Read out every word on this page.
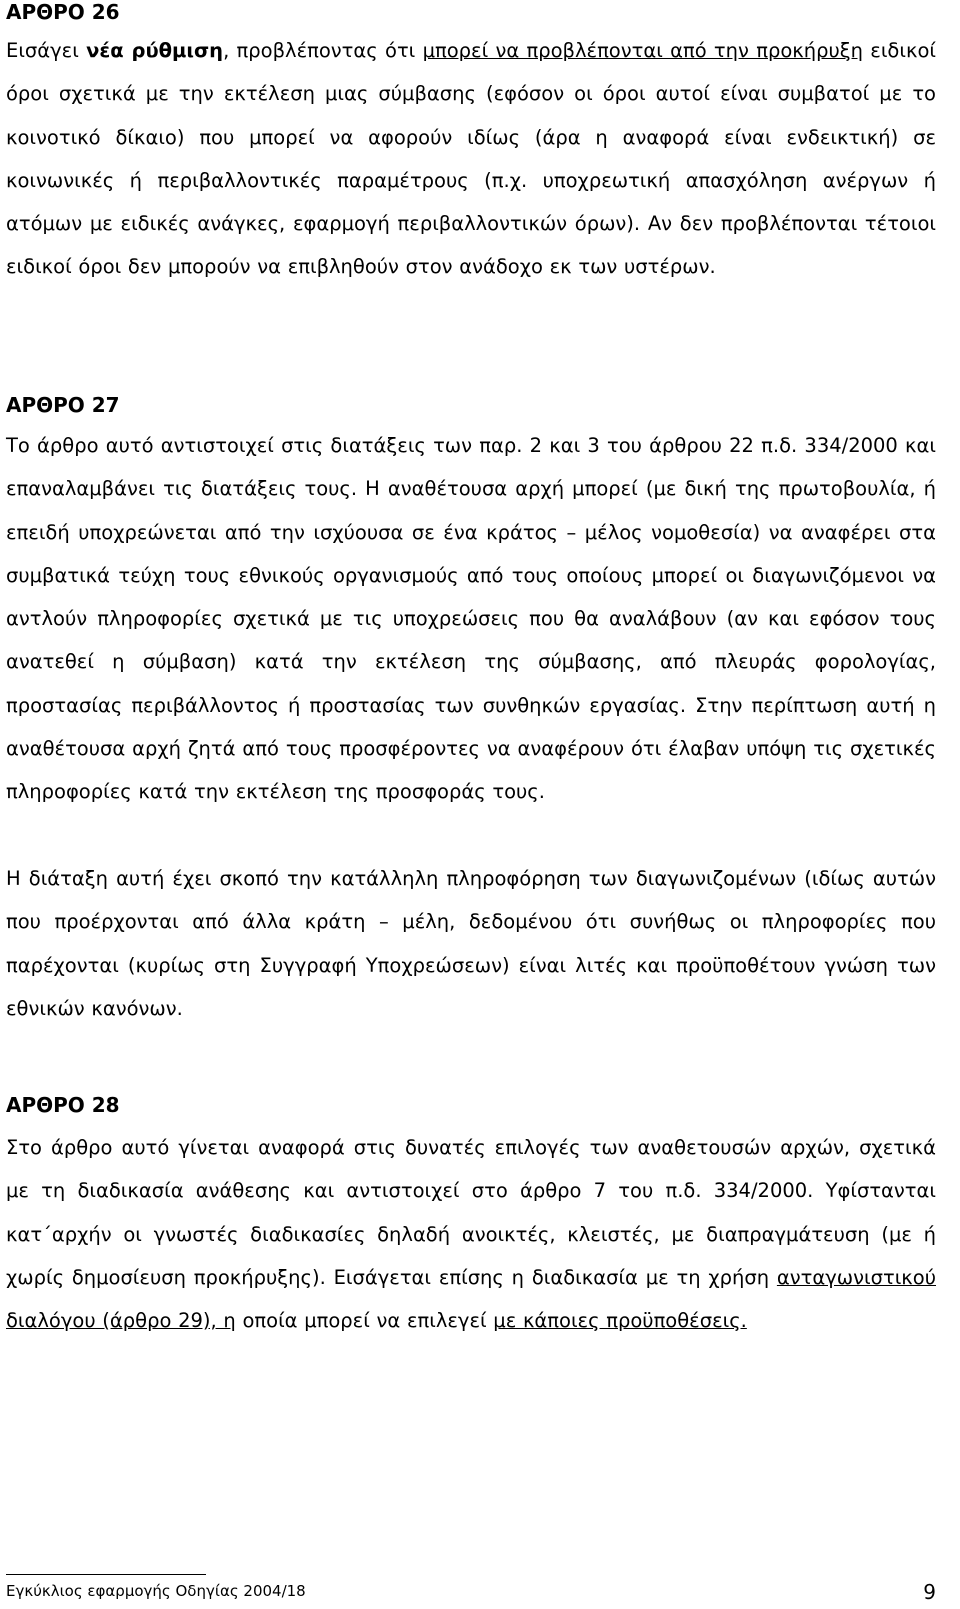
ΑΡΘΡΟ 26
Εισάγει νέα ρύθμιση, προβλέποντας ότι μπορεί να προβλέπονται από την προκήρυξη ειδικοί όροι σχετικά με την εκτέλεση μιας σύμβασης (εφόσον οι όροι αυτοί είναι συμβατοί με το κοινοτικό δίκαιο) που μπορεί να αφορούν ιδίως (άρα η αναφορά είναι ενδεικτική) σε κοινωνικές ή περιβαλλοντικές παραμέτρους (π.χ. υποχρεωτική απασχόληση ανέργων ή ατόμων με ειδικές ανάγκες, εφαρμογή περιβαλλοντικών όρων). Αν δεν προβλέπονται τέτοιοι ειδικοί όροι δεν μπορούν να επιβληθούν στον ανάδοχο εκ των υστέρων.
ΑΡΘΡΟ 27
Το άρθρο αυτό αντιστοιχεί στις διατάξεις των παρ. 2 και 3 του άρθρου 22 π.δ. 334/2000 και επαναλαμβάνει τις διατάξεις τους. Η αναθέτουσα αρχή μπορεί (με δική της πρωτοβουλία, ή επειδή υποχρεώνεται από την ισχύουσα σε ένα κράτος – μέλος νομοθεσία) να αναφέρει στα συμβατικά τεύχη τους εθνικούς οργανισμούς από τους οποίους μπορεί οι διαγωνιζόμενοι να αντλούν πληροφορίες σχετικά με τις υποχρεώσεις που θα αναλάβουν (αν και εφόσον τους ανατεθεί η σύμβαση) κατά την εκτέλεση της σύμβασης, από πλευράς φορολογίας, προστασίας περιβάλλοντος ή προστασίας των συνθηκών εργασίας. Στην περίπτωση αυτή η αναθέτουσα αρχή ζητά από τους προσφέροντες να αναφέρουν ότι έλαβαν υπόψη τις σχετικές πληροφορίες κατά την εκτέλεση της προσφοράς τους.
Η διάταξη αυτή έχει σκοπό την κατάλληλη πληροφόρηση των διαγωνιζομένων (ιδίως αυτών που προέρχονται από άλλα κράτη – μέλη, δεδομένου ότι συνήθως οι πληροφορίες που παρέχονται (κυρίως στη Συγγραφή Υποχρεώσεων) είναι λιτές και προϋποθέτουν γνώση των εθνικών κανόνων.
ΑΡΘΡΟ 28
Στο άρθρο αυτό γίνεται αναφορά στις δυνατές επιλογές των αναθετουσών αρχών, σχετικά με τη διαδικασία ανάθεσης και αντιστοιχεί στο άρθρο 7 του π.δ. 334/2000. Υφίστανται κατ΄αρχήν οι γνωστές διαδικασίες δηλαδή ανοικτές, κλειστές, με διαπραγμάτευση (με ή χωρίς δημοσίευση προκήρυξης). Εισάγεται επίσης η διαδικασία με τη χρήση ανταγωνιστικού διαλόγου (άρθρο 29), η οποία μπορεί να επιλεγεί με κάποιες προϋποθέσεις.
Εγκύκλιος εφαρμογής Οδηγίας 2004/18	9
